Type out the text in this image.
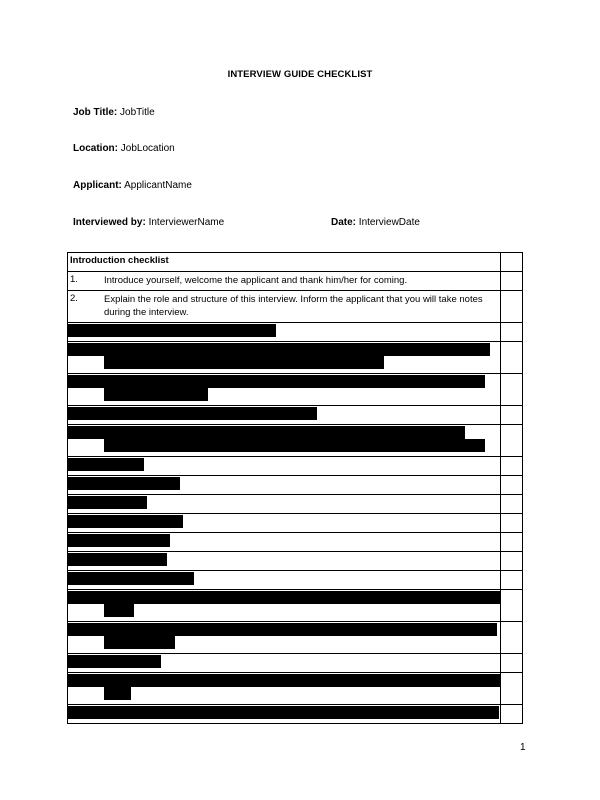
INTERVIEW GUIDE CHECKLIST
Job Title: JobTitle
Location: JobLocation
Applicant: ApplicantName
Interviewed by: InterviewerName	Date: InterviewDate
Introduction checklist	

1. Introduce yourself, welcome the applicant and thank him/her for coming.	

2. Explain the role and structure of this interview. Inform the applicant that you will take notes during the interview.	

1
